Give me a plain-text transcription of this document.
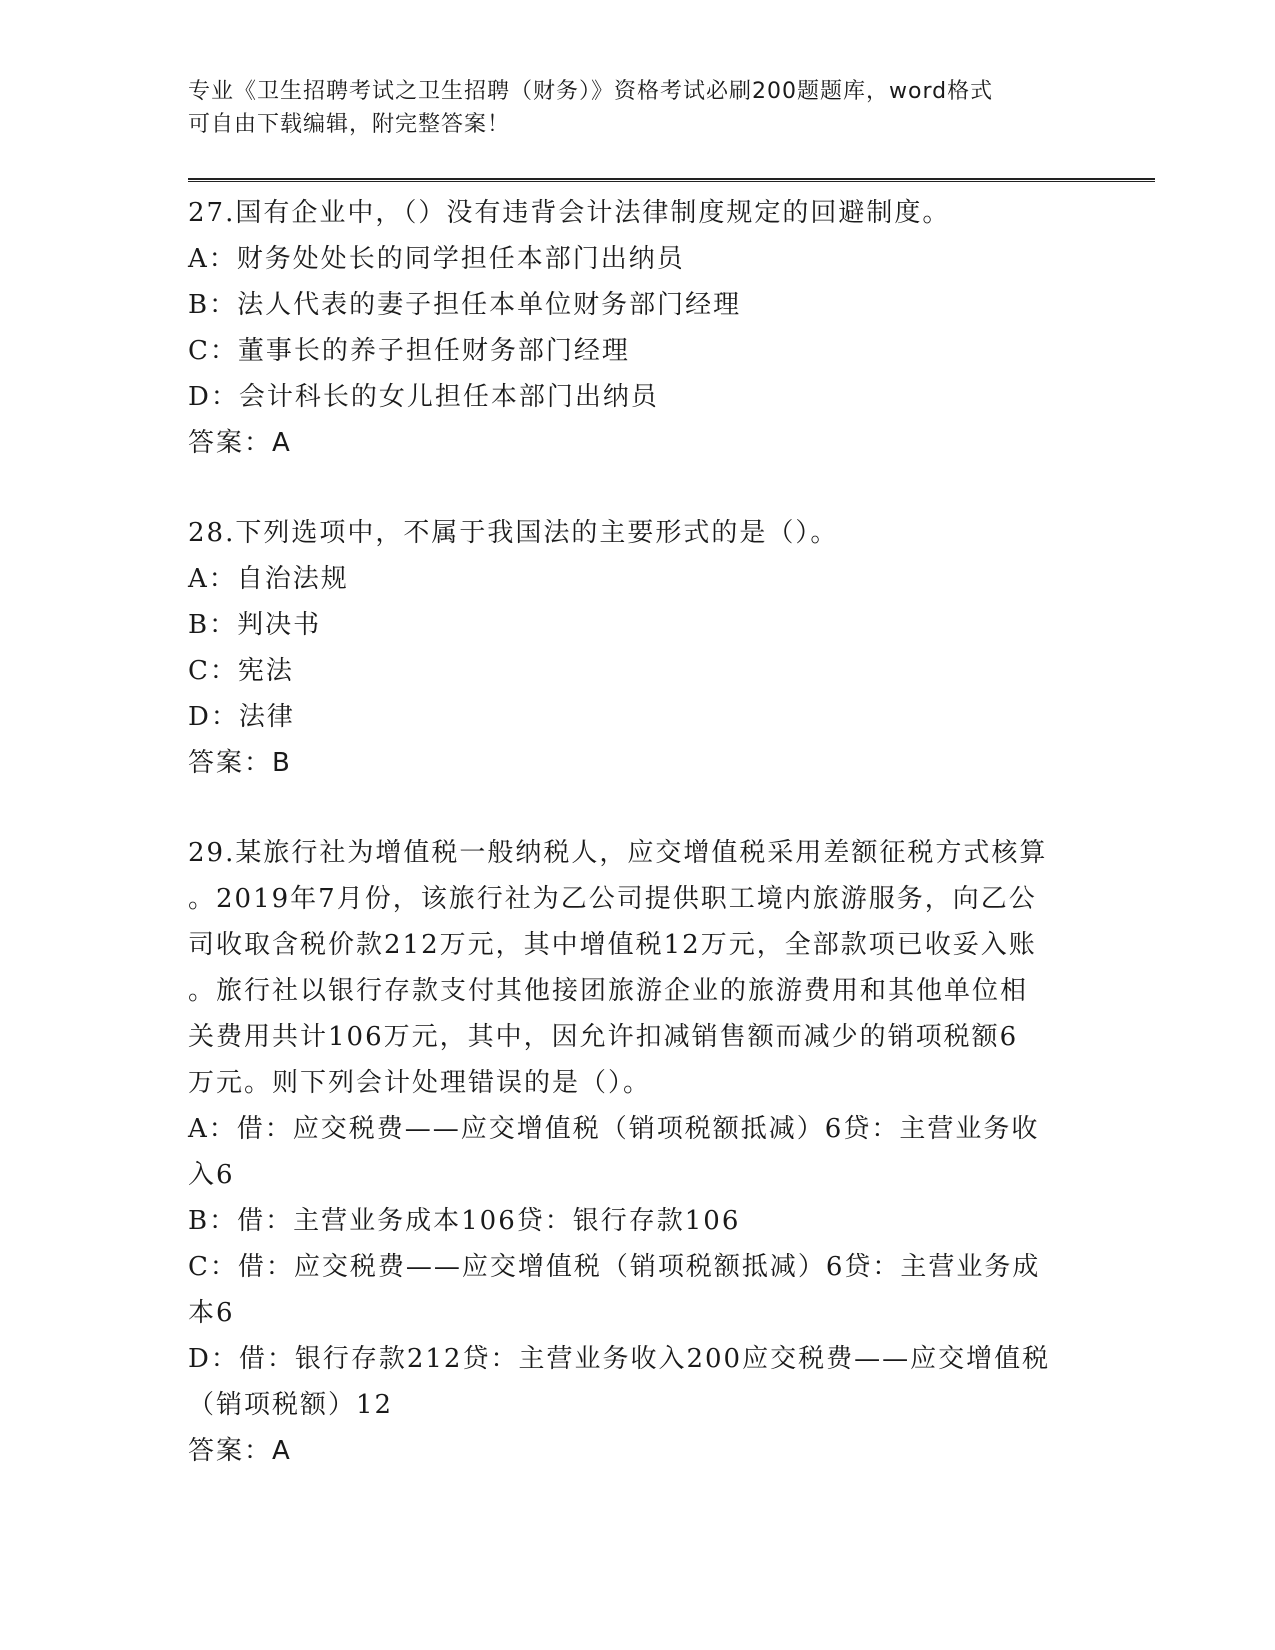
专业《卫生招聘考试之卫生招聘（财务）》资格考试必刷200题题库，word格式
可自由下载编辑，附完整答案！
27.国有企业中，（）没有违背会计法律制度规定的回避制度。
A：财务处处长的同学担任本部门出纳员
B：法人代表的妻子担任本单位财务部门经理
C：董事长的养子担任财务部门经理
D：会计科长的女儿担任本部门出纳员
答案：A
28.下列选项中，不属于我国法的主要形式的是（）。
A：自治法规
B：判决书
C：宪法
D：法律
答案：B
29.某旅行社为增值税一般纳税人，应交增值税采用差额征税方式核算
。2019年7月份，该旅行社为乙公司提供职工境内旅游服务，向乙公
司收取含税价款212万元，其中增值税12万元，全部款项已收妥入账
。旅行社以银行存款支付其他接团旅游企业的旅游费用和其他单位相
关费用共计106万元，其中，因允许扣减销售额而减少的销项税额6
万元。则下列会计处理错误的是（）。
A：借：应交税费——应交增值税（销项税额抵减）6贷：主营业务收
入6
B：借：主营业务成本106贷：银行存款106
C：借：应交税费——应交增值税（销项税额抵减）6贷：主营业务成
本6
D：借：银行存款212贷：主营业务收入200应交税费——应交增值税
（销项税额）12
答案：A
